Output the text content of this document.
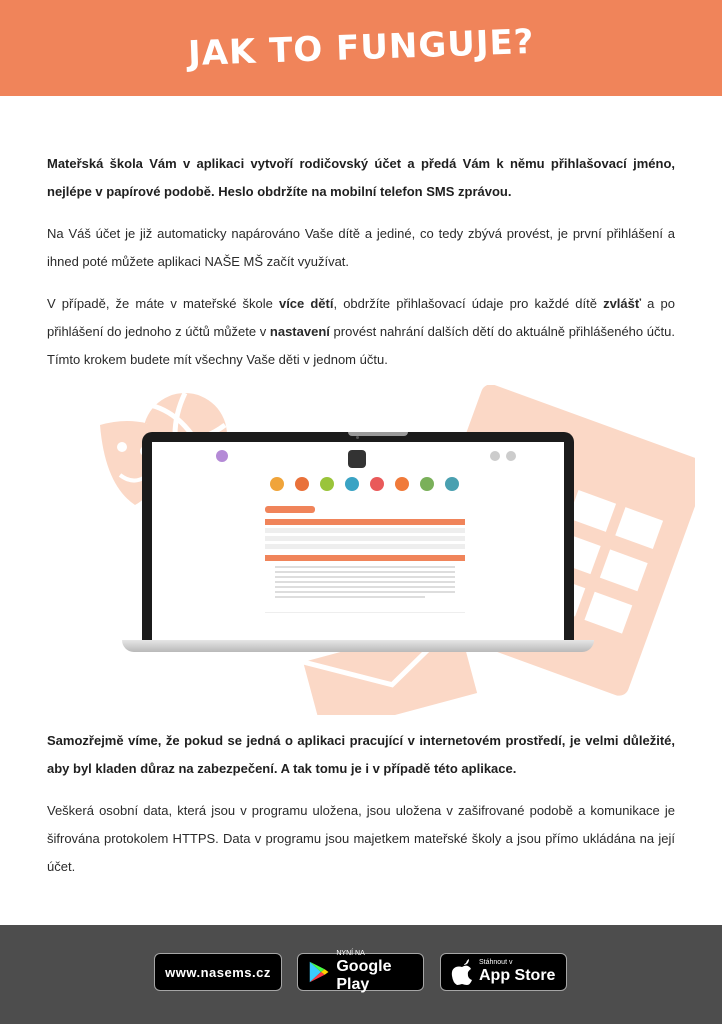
JAK TO FUNGUJE?

Mateřská škola Vám v aplikaci vytvoří rodičovský účet a předá Vám k němu přihlašovací jméno, nejlépe v papírové podobě. Heslo obdržíte na mobilní telefon SMS zprávou.

Na Váš účet je již automaticky napárováno Vaše dítě a jediné, co tedy zbývá provést, je první přihlášení a ihned poté můžete aplikaci NAŠE MŠ začít využívat.

V případě, že máte v mateřské škole více dětí, obdržíte přihlašovací údaje pro každé dítě zvlášť a po přihlášení do jednoho z účtů můžete v nastavení provést nahrání dalších dětí do aktuálně přihlášeného účtu. Tímto krokem budete mít všechny Vaše děti v jednom účtu.

Samozřejmě víme, že pokud se jedná o aplikaci pracující v internetovém prostředí, je velmi důležité, aby byl kladen důraz na zabezpečení. A tak tomu je i v případě této aplikace.

Veškerá osobní data, která jsou v programu uložena, jsou uložena v zašifrované podobě a komunikace je šifrována protokolem HTTPS. Data v programu jsou majetkem mateřské školy a jsou přímo ukládána na její účet.

www.nasems.cz
NYNÍ NA
Google Play
Stáhnout v
App Store
